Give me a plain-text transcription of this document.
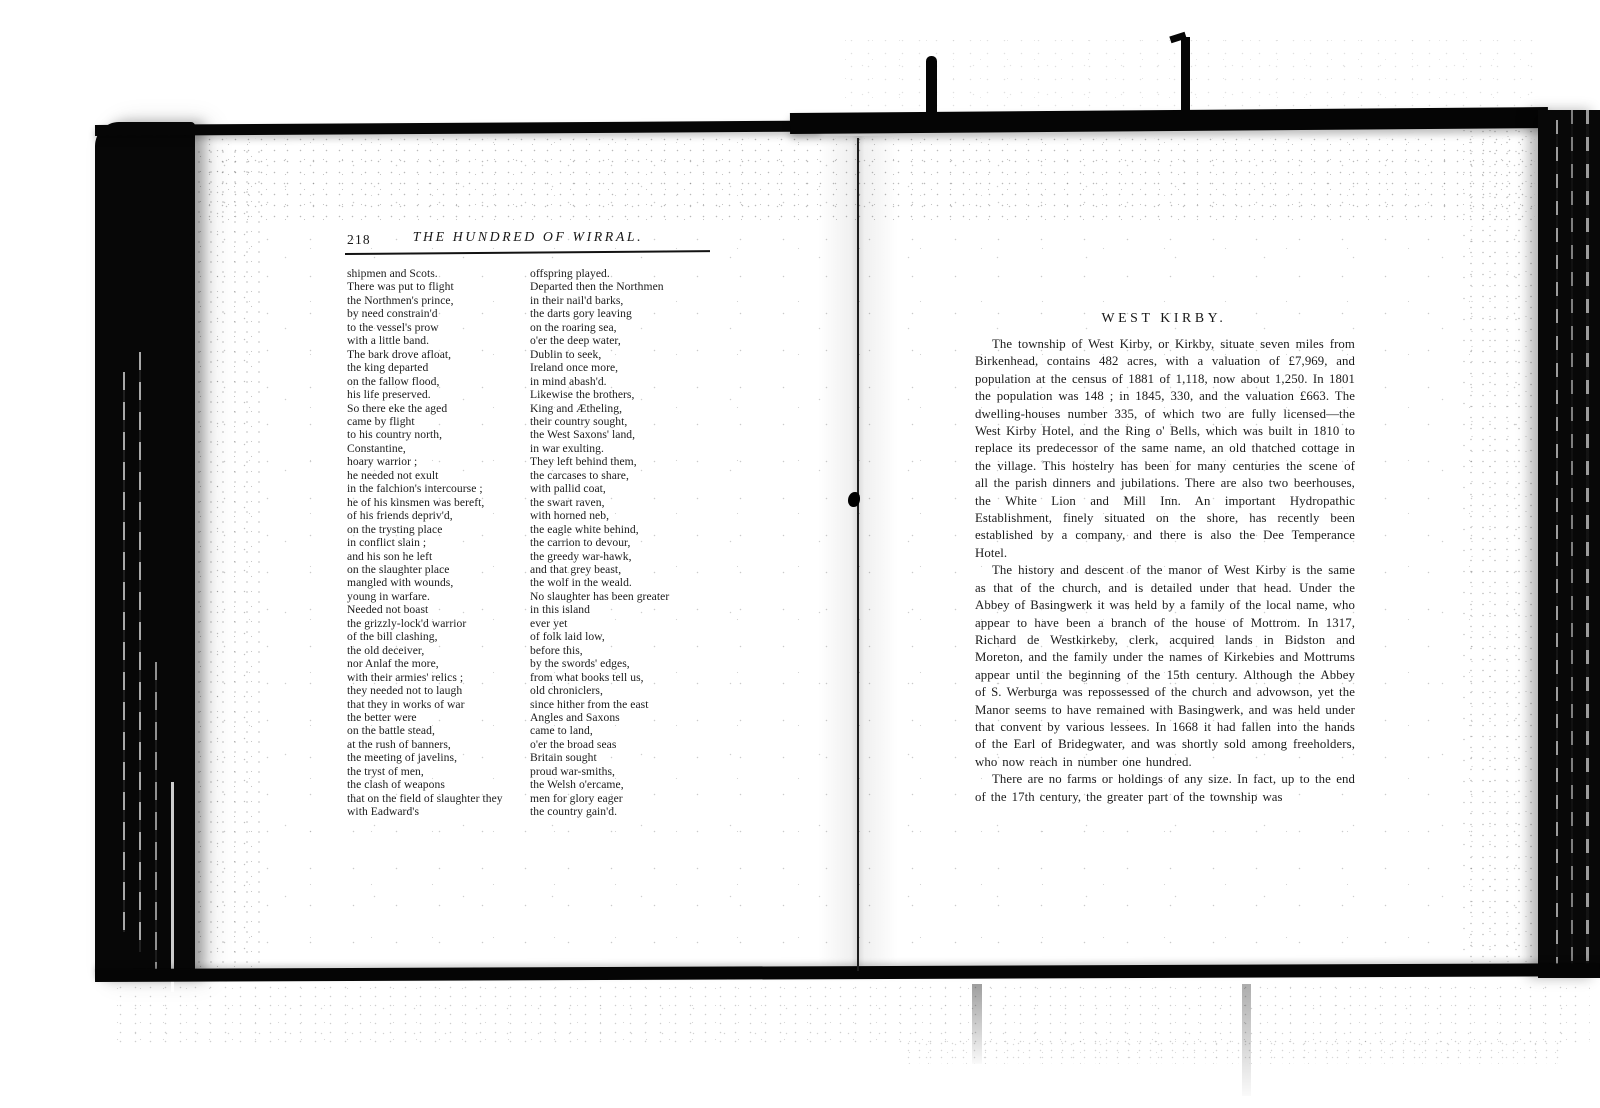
218	THE HUNDRED OF WIRRAL.
shipmen and Scots.
There was put to flight
the Northmen's prince,
by need constrain'd
to the vessel's prow
with a little band.
The bark drove afloat,
the king departed
on the fallow flood,
his life preserved.
So there eke the aged
came by flight
to his country north,
Constantine,
hoary warrior ;
he needed not exult
in the falchion's intercourse ;
he of his kinsmen was bereft,
of his friends depriv'd,
on the trysting place
in conflict slain ;
and his son he left
on the slaughter place
mangled with wounds,
young in warfare.
Needed not boast
the grizzly-lock'd warrior
of the bill clashing,
the old deceiver,
nor Anlaf the more,
with their armies' relics ;
they needed not to laugh
that they in works of war
the better were
on the battle stead,
at the rush of banners,
the meeting of javelins,
the tryst of men,
the clash of weapons
that on the field of slaughter they
with Eadward's
offspring played.
Departed then the Northmen
in their nail'd barks,
the darts gory leaving
on the roaring sea,
o'er the deep water,
Dublin to seek,
Ireland once more,
in mind abash'd.
Likewise the brothers,
King and Ætheling,
their country sought,
the West Saxons' land,
in war exulting.
They left behind them,
the carcases to share,
with pallid coat,
the swart raven,
with horned neb,
the eagle white behind,
the carrion to devour,
the greedy war-hawk,
and that grey beast,
the wolf in the weald.
No slaughter has been greater
in this island
ever yet
of folk laid low,
before this,
by the swords' edges,
from what books tell us,
old chroniclers,
since hither from the east
Angles and Saxons
came to land,
o'er the broad seas
Britain sought
proud war-smiths,
the Welsh o'ercame,
men for glory eager
the country gain'd.
WEST KIRBY.
The township of West Kirby, or Kirkby, situate seven miles from Birkenhead, contains 482 acres, with a valuation of £7,969, and population at the census of 1881 of 1,118, now about 1,250. In 1801 the population was 148 ; in 1845, 330, and the valuation £663. The dwelling-houses number 335, of which two are fully licensed—the West Kirby Hotel, and the Ring o' Bells, which was built in 1810 to replace its predecessor of the same name, an old thatched cottage in the village. This hostelry has been for many centuries the scene of all the parish dinners and jubilations. There are also two beerhouses, the White Lion and Mill Inn. An important Hydropathic Establishment, finely situated on the shore, has recently been established by a company, and there is also the Dee Temperance Hotel.
The history and descent of the manor of West Kirby is the same as that of the church, and is detailed under that head. Under the Abbey of Basingwerk it was held by a family of the local name, who appear to have been a branch of the house of Mottrom. In 1317, Richard de Westkirkeby, clerk, acquired lands in Bidston and Moreton, and the family under the names of Kirkebies and Mottrums appear until the beginning of the 15th century. Although the Abbey of S. Werburga was repossessed of the church and advowson, yet the Manor seems to have remained with Basingwerk, and was held under that convent by various lessees. In 1668 it had fallen into the hands of the Earl of Bridegwater, and was shortly sold among freeholders, who now reach in number one hundred.
There are no farms or holdings of any size. In fact, up to the end of the 17th century, the greater part of the township was
